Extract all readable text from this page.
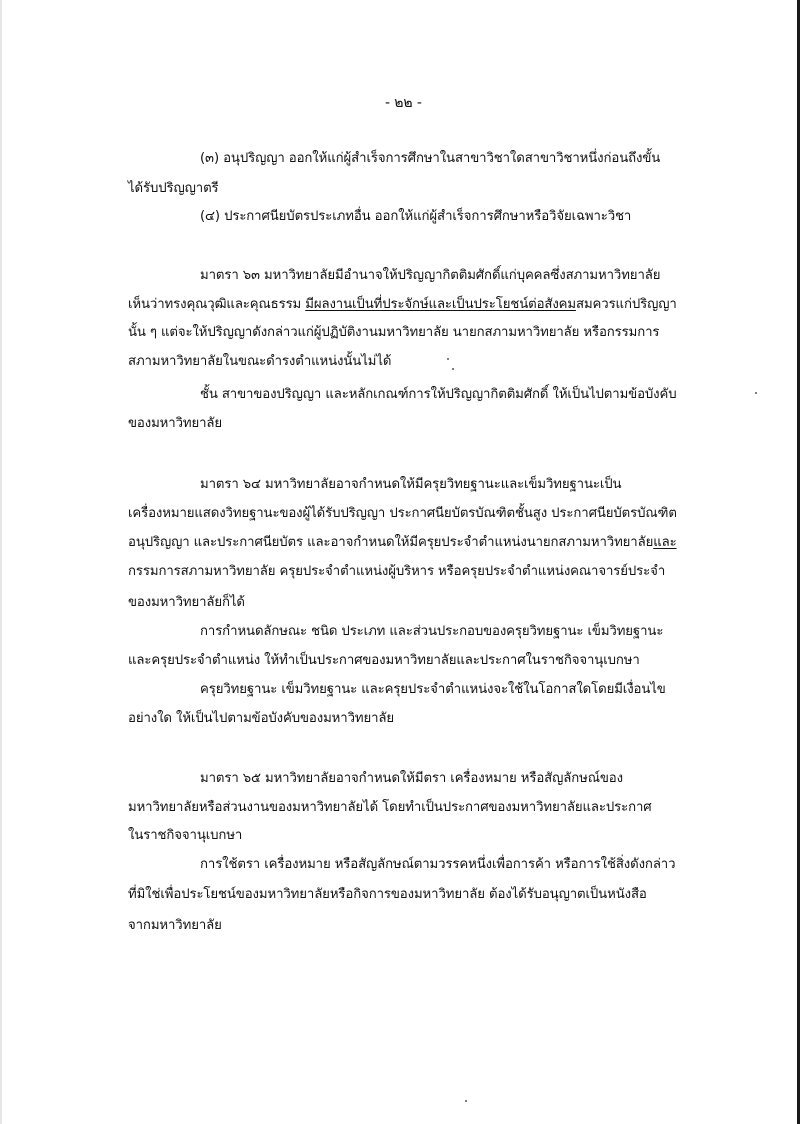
- ๒๒ -
(๓) อนุปริญญา ออกให้แก่ผู้สำเร็จการศึกษาในสาขาวิชาใดสาขาวิชาหนึ่งก่อนถึงขั้น
ได้รับปริญญาตรี
(๔) ประกาศนียบัตรประเภทอื่น ออกให้แก่ผู้สำเร็จการศึกษาหรือวิจัยเฉพาะวิชา
มาตรา ๖๓ มหาวิทยาลัยมีอำนาจให้ปริญญากิตติมศักดิ์แก่บุคคลซึ่งสภามหาวิทยาลัย
เห็นว่าทรงคุณวุฒิและคุณธรรม มีผลงานเป็นที่ประจักษ์และเป็นประโยชน์ต่อสังคมสมควรแก่ปริญญา
นั้น ๆ แต่จะให้ปริญญาดังกล่าวแก่ผู้ปฏิบัติงานมหาวิทยาลัย นายกสภามหาวิทยาลัย หรือกรรมการ
สภามหาวิทยาลัยในขณะดำรงตำแหน่งนั้นไม่ได้
ชั้น สาขาของปริญญา และหลักเกณฑ์การให้ปริญญากิตติมศักดิ์ ให้เป็นไปตามข้อบังคับ
ของมหาวิทยาลัย
มาตรา ๖๔ มหาวิทยาลัยอาจกำหนดให้มีครุยวิทยฐานะและเข็มวิทยฐานะเป็น
เครื่องหมายแสดงวิทยฐานะของผู้ได้รับปริญญา ประกาศนียบัตรบัณฑิตชั้นสูง ประกาศนียบัตรบัณฑิต
อนุปริญญา และประกาศนียบัตร และอาจกำหนดให้มีครุยประจำตำแหน่งนายกสภามหาวิทยาลัยและ
กรรมการสภามหาวิทยาลัย ครุยประจำตำแหน่งผู้บริหาร หรือครุยประจำตำแหน่งคณาจารย์ประจำ
ของมหาวิทยาลัยก็ได้
การกำหนดลักษณะ ชนิด ประเภท และส่วนประกอบของครุยวิทยฐานะ เข็มวิทยฐานะ
และครุยประจำตำแหน่ง ให้ทำเป็นประกาศของมหาวิทยาลัยและประกาศในราชกิจจานุเบกษา
ครุยวิทยฐานะ เข็มวิทยฐานะ และครุยประจำตำแหน่งจะใช้ในโอกาสใดโดยมีเงื่อนไข
อย่างใด ให้เป็นไปตามข้อบังคับของมหาวิทยาลัย
มาตรา ๖๕ มหาวิทยาลัยอาจกำหนดให้มีตรา เครื่องหมาย หรือสัญลักษณ์ของ
มหาวิทยาลัยหรือส่วนงานของมหาวิทยาลัยได้ โดยทำเป็นประกาศของมหาวิทยาลัยและประกาศ
ในราชกิจจานุเบกษา
การใช้ตรา เครื่องหมาย หรือสัญลักษณ์ตามวรรคหนึ่งเพื่อการค้า หรือการใช้สิ่งดังกล่าว
ที่มิใช่เพื่อประโยชน์ของมหาวิทยาลัยหรือกิจการของมหาวิทยาลัย ต้องได้รับอนุญาตเป็นหนังสือ
จากมหาวิทยาลัย
